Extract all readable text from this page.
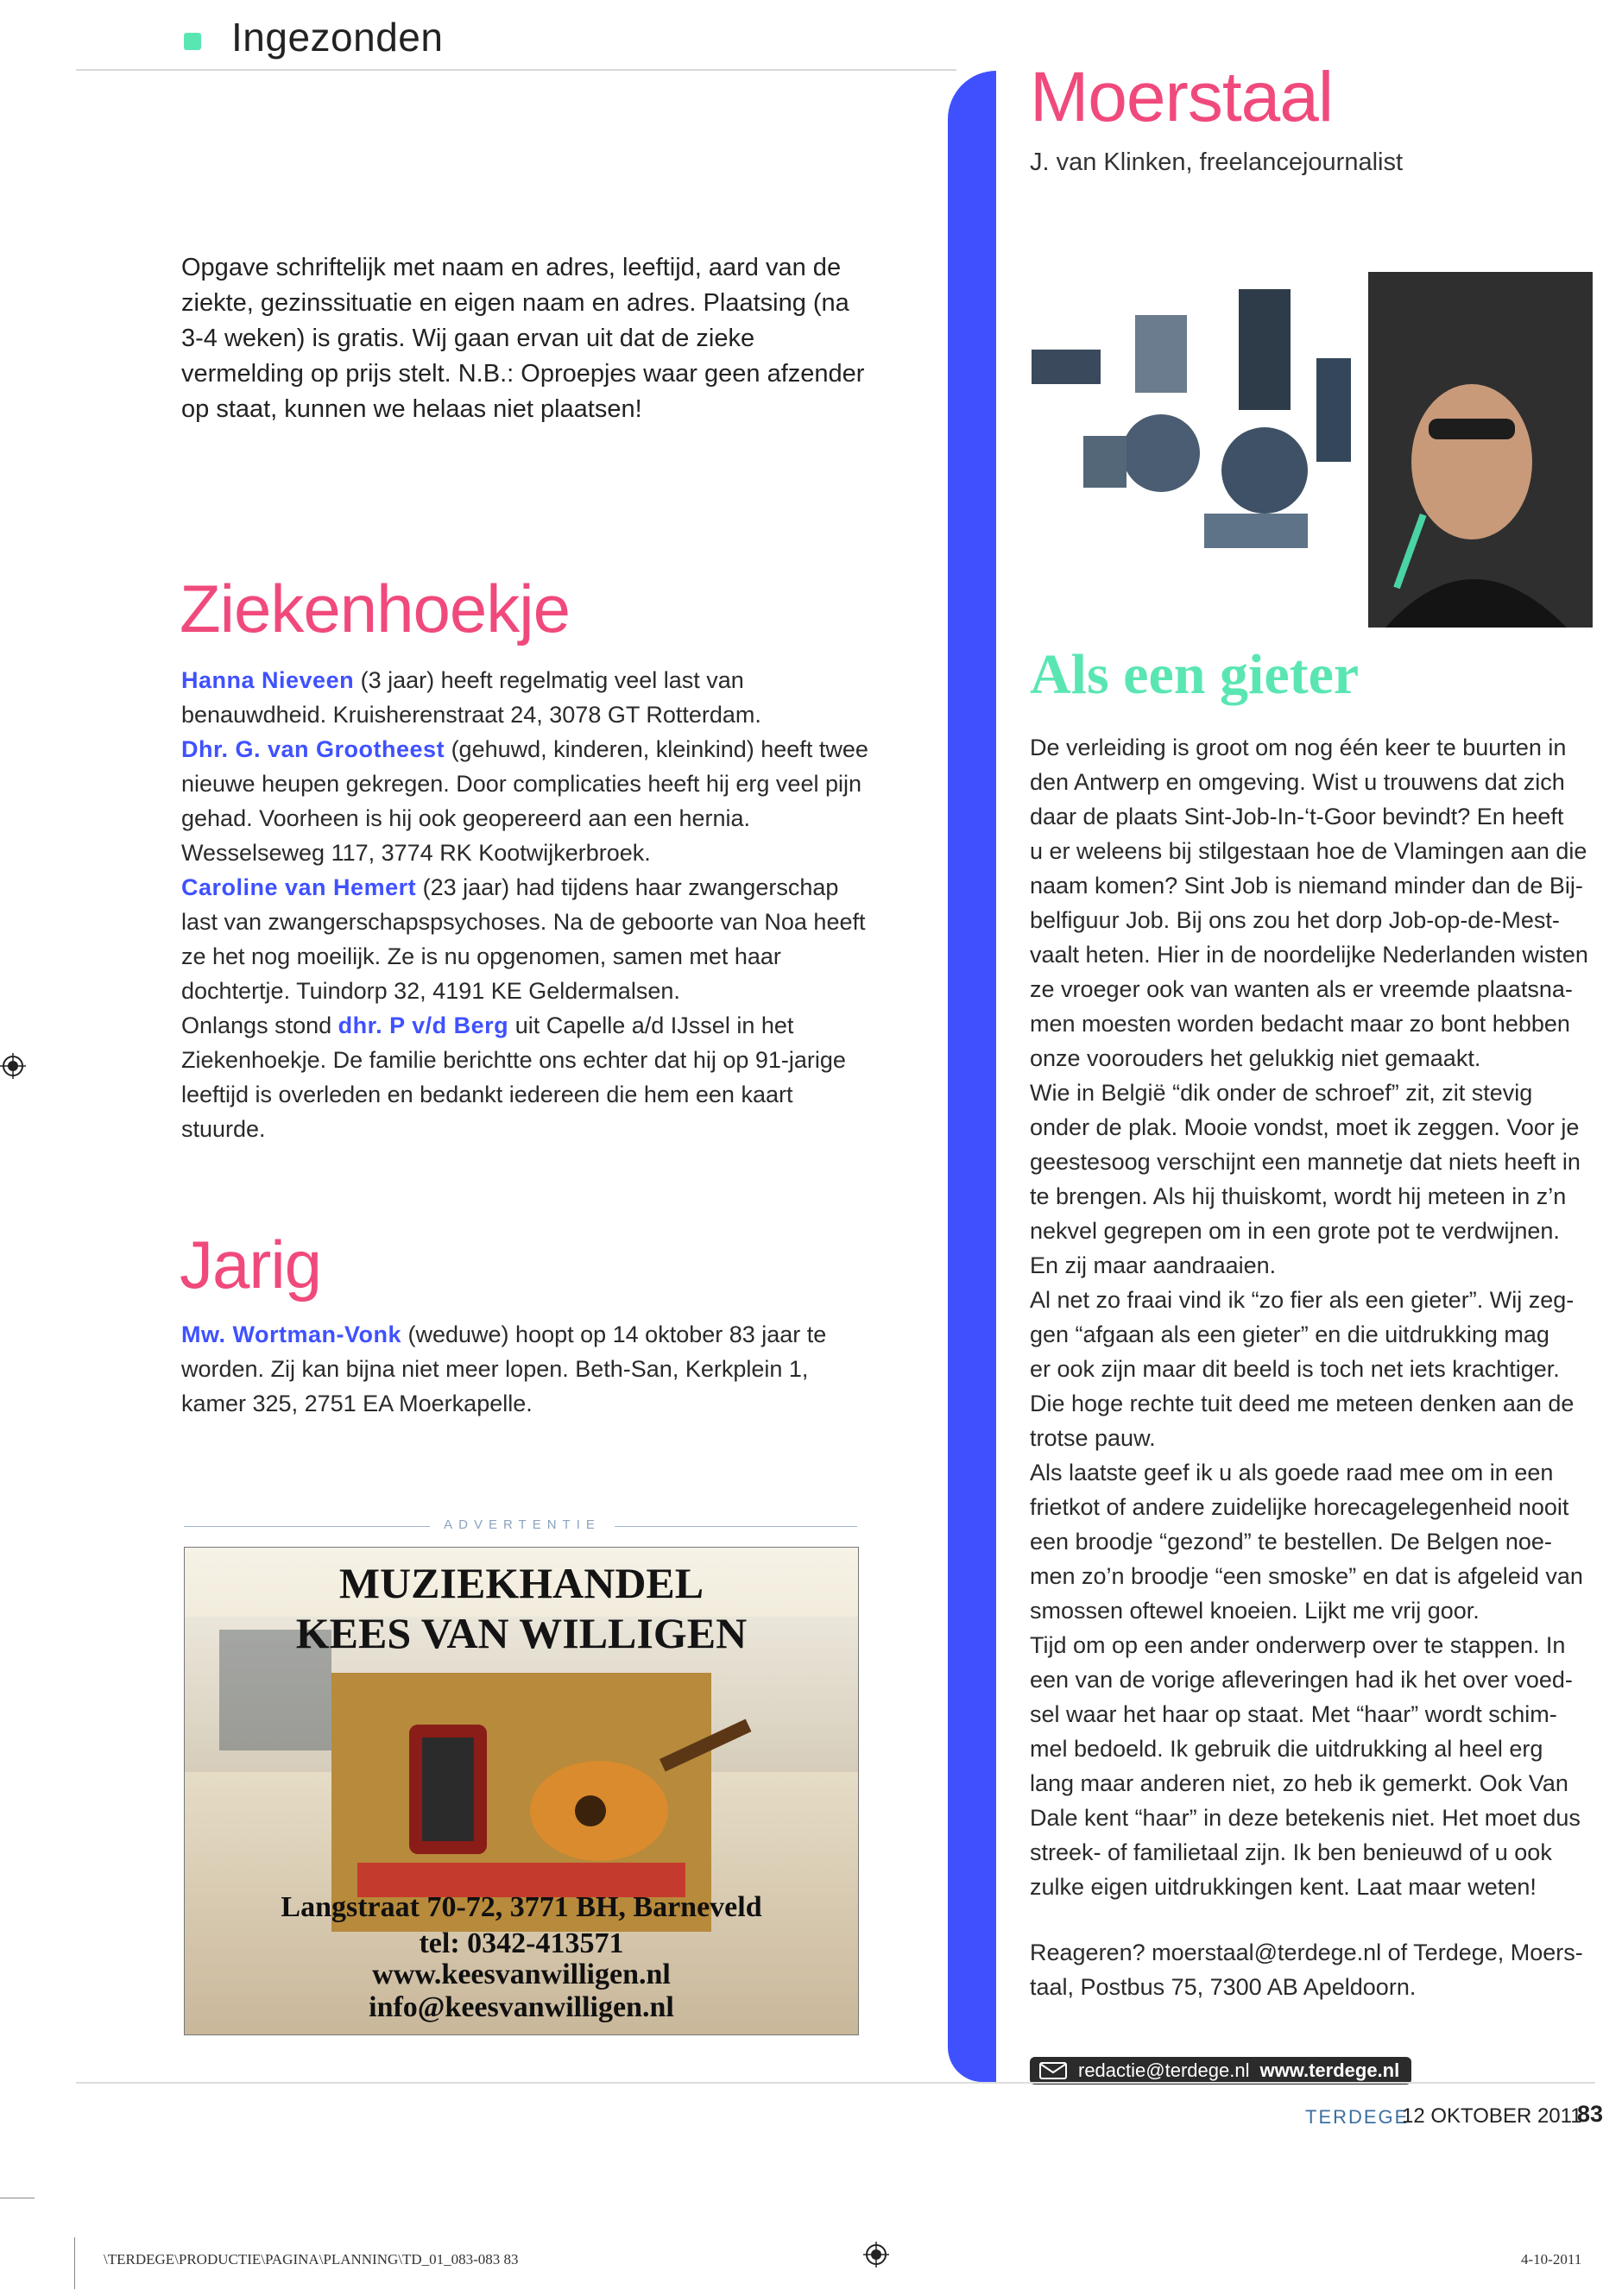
Ingezonden
Opgave schriftelijk met naam en adres, leeftijd, aard van de ziekte, gezinssituatie en eigen naam en adres. Plaatsing (na 3-4 weken) is gratis. Wij gaan ervan uit dat de zieke vermelding op prijs stelt. N.B.: Oproepjes waar geen afzender op staat, kunnen we helaas niet plaatsen!
Ziekenhoekje

Hanna Nieveen (3 jaar) heeft regelmatig veel last van benauwdheid. Kruisherenstraat 24, 3078 GT Rotterdam.

Dhr. G. van Grootheest (gehuwd, kinderen, kleinkind) heeft twee nieuwe heupen gekregen. Door complicaties heeft hij erg veel pijn gehad. Voorheen is hij ook geopereerd aan een hernia. Wesselseweg 117, 3774 RK Kootwijkerbroek.

Caroline van Hemert (23 jaar) had tijdens haar zwangerschap last van zwangerschapspsychoses. Na de geboorte van Noa heeft ze het nog moeilijk. Ze is nu opgenomen, samen met haar dochtertje. Tuindorp 32, 4191 KE Geldermalsen.

Onlangs stond dhr. P v/d Berg uit Capelle a/d IJssel in het Ziekenhoekje. De familie berichtte ons echter dat hij op 91-jarige leeftijd is overleden en bedankt iedereen die hem een kaart stuurde.

Jarig

Mw. Wortman-Vonk (weduwe) hoopt op 14 oktober 83 jaar te worden. Zij kan bijna niet meer lopen. Beth-San, Kerkplein 1, kamer 325, 2751 EA Moerkapelle.

ADVERTENTIE
MUZIEKHANDEL
KEES VAN WILLIGEN
Langstraat 70-72, 3771 BH, Barneveld
tel: 0342-413571
www.keesvanwilligen.nl
info@keesvanwilligen.nl
Moerstaal
J. van Klinken, freelancejournalist
Als een gieter
De verleiding is groot om nog één keer te buurten in
den Antwerp en omgeving. Wist u trouwens dat zich
daar de plaats Sint-Job-In-‘t-Goor bevindt? En heeft
u er weleens bij stilgestaan hoe de Vlamingen aan die
naam komen? Sint Job is niemand minder dan de Bij-
belfiguur Job. Bij ons zou het dorp Job-op-de-Mest-
vaalt heten. Hier in de noordelijke Nederlanden wisten
ze vroeger ook van wanten als er vreemde plaatsna-
men moesten worden bedacht maar zo bont hebben
onze voorouders het gelukkig niet gemaakt.
Wie in België “dik onder de schroef” zit, zit stevig
onder de plak. Mooie vondst, moet ik zeggen. Voor je
geestesoog verschijnt een mannetje dat niets heeft in
te brengen. Als hij thuiskomt, wordt hij meteen in z’n
nekvel gegrepen om in een grote pot te verdwijnen.
En zij maar aandraaien.
Al net zo fraai vind ik “zo fier als een gieter”. Wij zeg-
gen “afgaan als een gieter” en die uitdrukking mag
er ook zijn maar dit beeld is toch net iets krachtiger.
Die hoge rechte tuit deed me meteen denken aan de
trotse pauw.
Als laatste geef ik u als goede raad mee om in een
frietkot of andere zuidelijke horecagelegenheid nooit
een broodje “gezond” te bestellen. De Belgen noe-
men zo’n broodje “een smoske” en dat is afgeleid van
smossen oftewel knoeien. Lijkt me vrij goor.
Tijd om op een ander onderwerp over te stappen. In
een van de vorige afleveringen had ik het over voed-
sel waar het haar op staat. Met “haar” wordt schim-
mel bedoeld. Ik gebruik die uitdrukking al heel erg
lang maar anderen niet, zo heb ik gemerkt. Ook Van
Dale kent “haar” in deze betekenis niet. Het moet dus
streek- of familietaal zijn. Ik ben benieuwd of u ook
zulke eigen uitdrukkingen kent. Laat maar weten!
Reageren? moerstaal@terdege.nl of Terdege, Moers-
taal, Postbus 75, 7300 AB Apeldoorn.
redactie@terdege.nl www.terdege.nl
TERDEGE
12 OKTOBER 2011
83
\TERDEGE\PRODUCTIE\PAGINA\PLANNING\TD_01_083-083 83	4-10-2011
